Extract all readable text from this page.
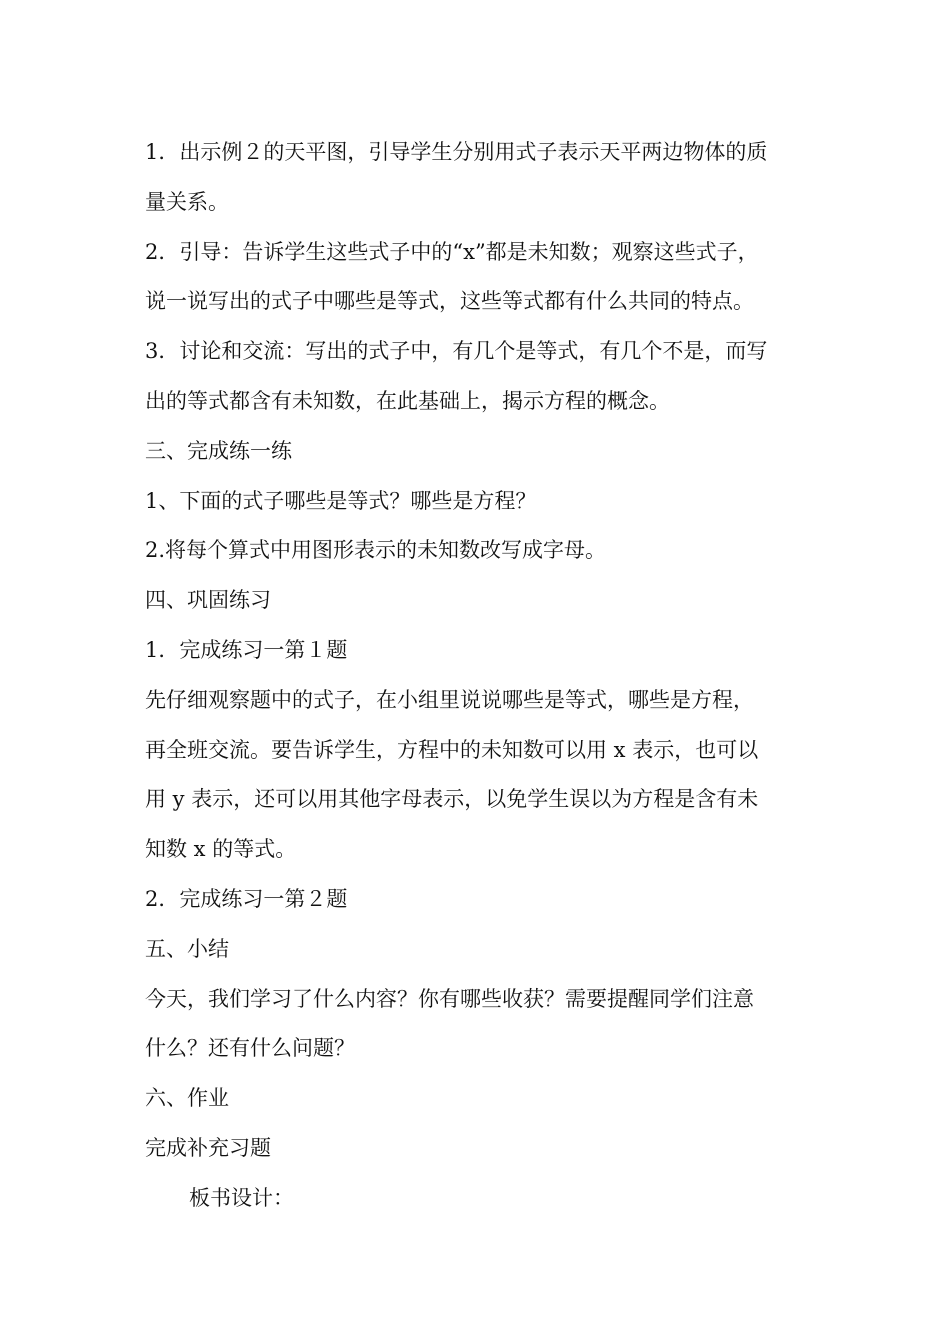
1．出示例２的天平图，引导学生分别用式子表示天平两边物体的质
量关系。
2．引导：告诉学生这些式子中的“x”都是未知数；观察这些式子，
说一说写出的式子中哪些是等式，这些等式都有什么共同的特点。
3．讨论和交流：写出的式子中，有几个是等式，有几个不是，而写
出的等式都含有未知数，在此基础上，揭示方程的概念。
三、完成练一练
1、下面的式子哪些是等式？哪些是方程？
2.将每个算式中用图形表示的未知数改写成字母。
四、巩固练习
1．完成练习一第１题
先仔细观察题中的式子，在小组里说说哪些是等式，哪些是方程，
再全班交流。要告诉学生，方程中的未知数可以用 x 表示，也可以
用 y 表示，还可以用其他字母表示，以免学生误以为方程是含有未
知数 x 的等式。
2．完成练习一第２题
五、小结
今天，我们学习了什么内容？你有哪些收获？需要提醒同学们注意
什么？还有什么问题？
六、作业
完成补充习题
板书设计：
